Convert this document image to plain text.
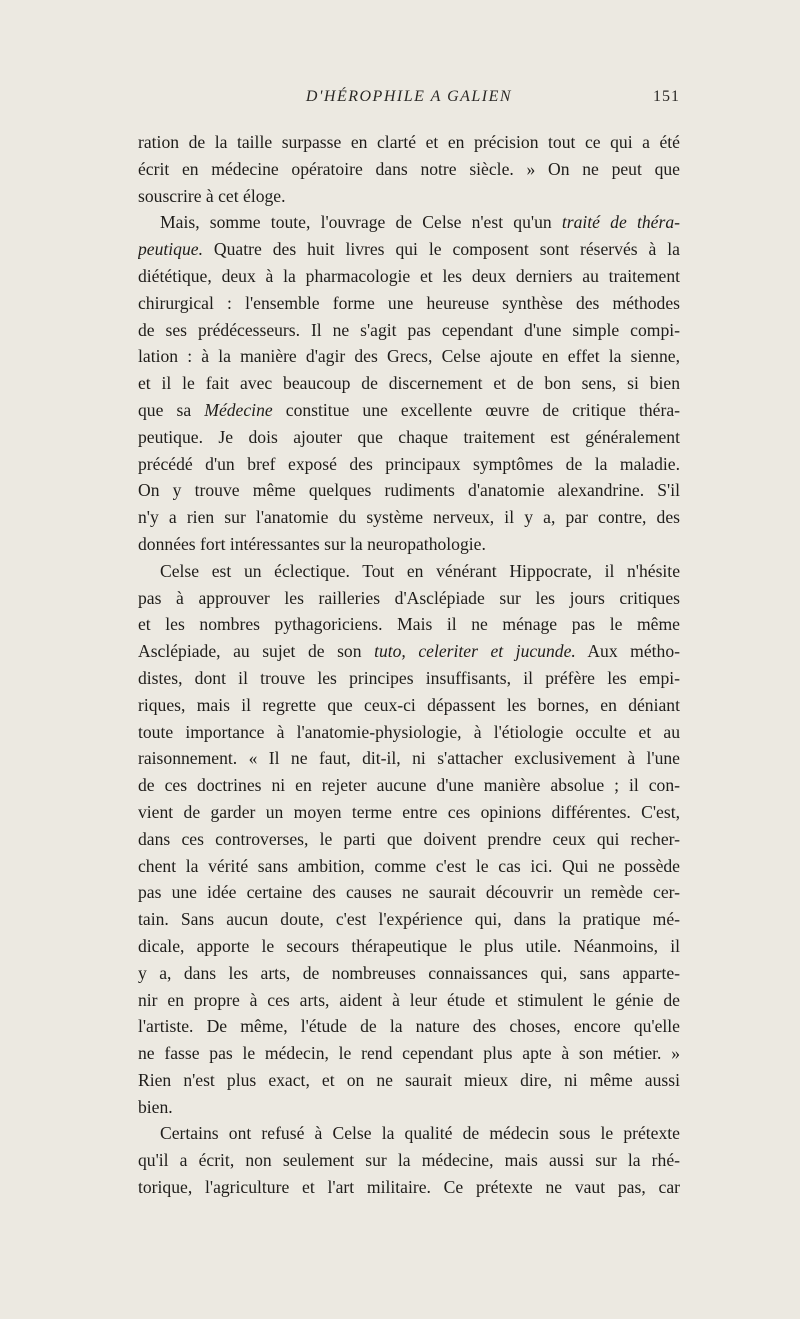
D'HÉROPHILE A GALIEN	151
ration de la taille surpasse en clarté et en précision tout ce qui a été
écrit en médecine opératoire dans notre siècle. » On ne peut que
souscrire à cet éloge.
Mais, somme toute, l'ouvrage de Celse n'est qu'un traité de théra-
peutique. Quatre des huit livres qui le composent sont réservés à la
diététique, deux à la pharmacologie et les deux derniers au traitement
chirurgical : l'ensemble forme une heureuse synthèse des méthodes
de ses prédécesseurs. Il ne s'agit pas cependant d'une simple compi-
lation : à la manière d'agir des Grecs, Celse ajoute en effet la sienne,
et il le fait avec beaucoup de discernement et de bon sens, si bien
que sa Médecine constitue une excellente œuvre de critique théra-
peutique. Je dois ajouter que chaque traitement est généralement
précédé d'un bref exposé des principaux symptômes de la maladie.
On y trouve même quelques rudiments d'anatomie alexandrine. S'il
n'y a rien sur l'anatomie du système nerveux, il y a, par contre, des
données fort intéressantes sur la neuropathologie.
Celse est un éclectique. Tout en vénérant Hippocrate, il n'hésite
pas à approuver les railleries d'Asclépiade sur les jours critiques
et les nombres pythagoriciens. Mais il ne ménage pas le même
Asclépiade, au sujet de son tuto, celeriter et jucunde. Aux métho-
distes, dont il trouve les principes insuffisants, il préfère les empi-
riques, mais il regrette que ceux-ci dépassent les bornes, en déniant
toute importance à l'anatomie-physiologie, à l'étiologie occulte et au
raisonnement. « Il ne faut, dit-il, ni s'attacher exclusivement à l'une
de ces doctrines ni en rejeter aucune d'une manière absolue ; il con-
vient de garder un moyen terme entre ces opinions différentes. C'est,
dans ces controverses, le parti que doivent prendre ceux qui recher-
chent la vérité sans ambition, comme c'est le cas ici. Qui ne possède
pas une idée certaine des causes ne saurait découvrir un remède cer-
tain. Sans aucun doute, c'est l'expérience qui, dans la pratique mé-
dicale, apporte le secours thérapeutique le plus utile. Néanmoins, il
y a, dans les arts, de nombreuses connaissances qui, sans apparte-
nir en propre à ces arts, aident à leur étude et stimulent le génie de
l'artiste. De même, l'étude de la nature des choses, encore qu'elle
ne fasse pas le médecin, le rend cependant plus apte à son métier. »
Rien n'est plus exact, et on ne saurait mieux dire, ni même aussi
bien.
Certains ont refusé à Celse la qualité de médecin sous le prétexte
qu'il a écrit, non seulement sur la médecine, mais aussi sur la rhé-
torique, l'agriculture et l'art militaire. Ce prétexte ne vaut pas, car
